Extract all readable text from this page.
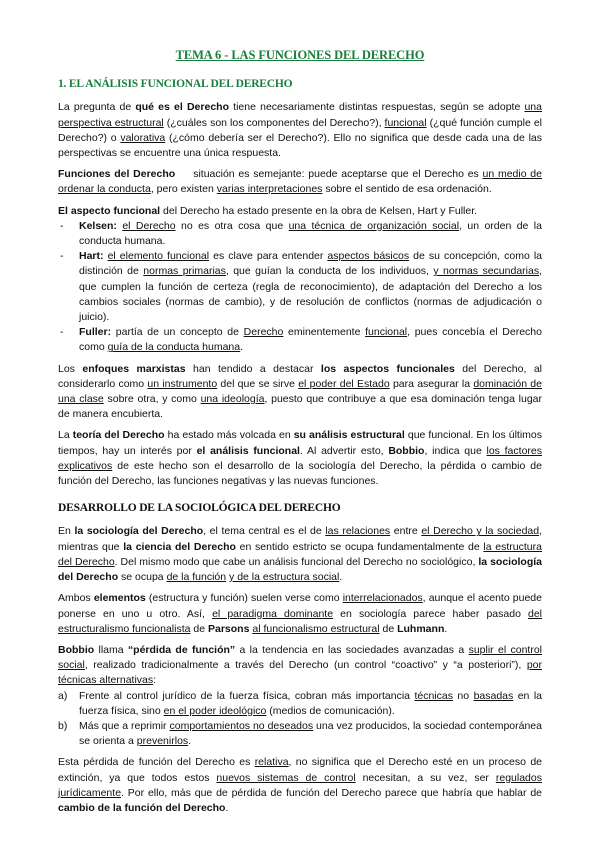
TEMA 6 - LAS FUNCIONES DEL DERECHO
1. EL ANÁLISIS FUNCIONAL DEL DERECHO

La pregunta de qué es el Derecho tiene necesariamente distintas respuestas, según se adopte una perspectiva estructural (¿cuáles son los componentes del Derecho?), funcional (¿qué función cumple el Derecho?) o valorativa (¿cómo debería ser el Derecho?). Ello no significa que desde cada una de las perspectivas se encuentre una única respuesta.

Funciones del Derecho situación es semejante: puede aceptarse que el Derecho es un medio de ordenar la conducta, pero existen varias interpretaciones sobre el sentido de esa ordenación.

El aspecto funcional del Derecho ha estado presente en la obra de Kelsen, Hart y Fuller.

- Kelsen: el Derecho no es otra cosa que una técnica de organización social, un orden de la conducta humana.
- Hart: el elemento funcional es clave para entender aspectos básicos de su concepción, como la distinción de normas primarias, que guían la conducta de los individuos, y normas secundarias, que cumplen la función de certeza (regla de reconocimiento), de adaptación del Derecho a los cambios sociales (normas de cambio), y de resolución de conflictos (normas de adjudicación o juicio).
- Fuller: partía de un concepto de Derecho eminentemente funcional, pues concebía el Derecho como guía de la conducta humana.

Los enfoques marxistas han tendido a destacar los aspectos funcionales del Derecho, al considerarlo como un instrumento del que se sirve el poder del Estado para asegurar la dominación de una clase sobre otra, y como una ideología, puesto que contribuye a que esa dominación tenga lugar de manera encubierta.

La teoría del Derecho ha estado más volcada en su análisis estructural que funcional. En los últimos tiempos, hay un interés por el análisis funcional. Al advertir esto, Bobbio, indica que los factores explicativos de este hecho son el desarrollo de la sociología del Derecho, la pérdida o cambio de función del Derecho, las funciones negativas y las nuevas funciones.

DESARROLLO DE LA SOCIOLÓGICA DEL DERECHO

En la sociología del Derecho, el tema central es el de las relaciones entre el Derecho y la sociedad, mientras que la ciencia del Derecho en sentido estricto se ocupa fundamentalmente de la estructura del Derecho. Del mismo modo que cabe un análisis funcional del Derecho no sociológico, la sociología del Derecho se ocupa de la función y de la estructura social.

Ambos elementos (estructura y función) suelen verse como interrelacionados, aunque el acento puede ponerse en uno u otro. Así, el paradigma dominante en sociología parece haber pasado del estructuralismo funcionalista de Parsons al funcionalismo estructural de Luhmann.

Bobbio llama “pérdida de función” a la tendencia en las sociedades avanzadas a suplir el control social, realizado tradicionalmente a través del Derecho (un control “coactivo” y “a posteriori”), por técnicas alternativas:

a) Frente al control jurídico de la fuerza física, cobran más importancia técnicas no basadas en la fuerza física, sino en el poder ideológico (medios de comunicación).
b) Más que a reprimir comportamientos no deseados una vez producidos, la sociedad contemporánea se orienta a prevenirlos.

Esta pérdida de función del Derecho es relativa, no significa que el Derecho esté en un proceso de extinción, ya que todos estos nuevos sistemas de control necesitan, a su vez, ser regulados jurídicamente. Por ello, más que de pérdida de función del Derecho parece que habría que hablar de cambio de la función del Derecho.
